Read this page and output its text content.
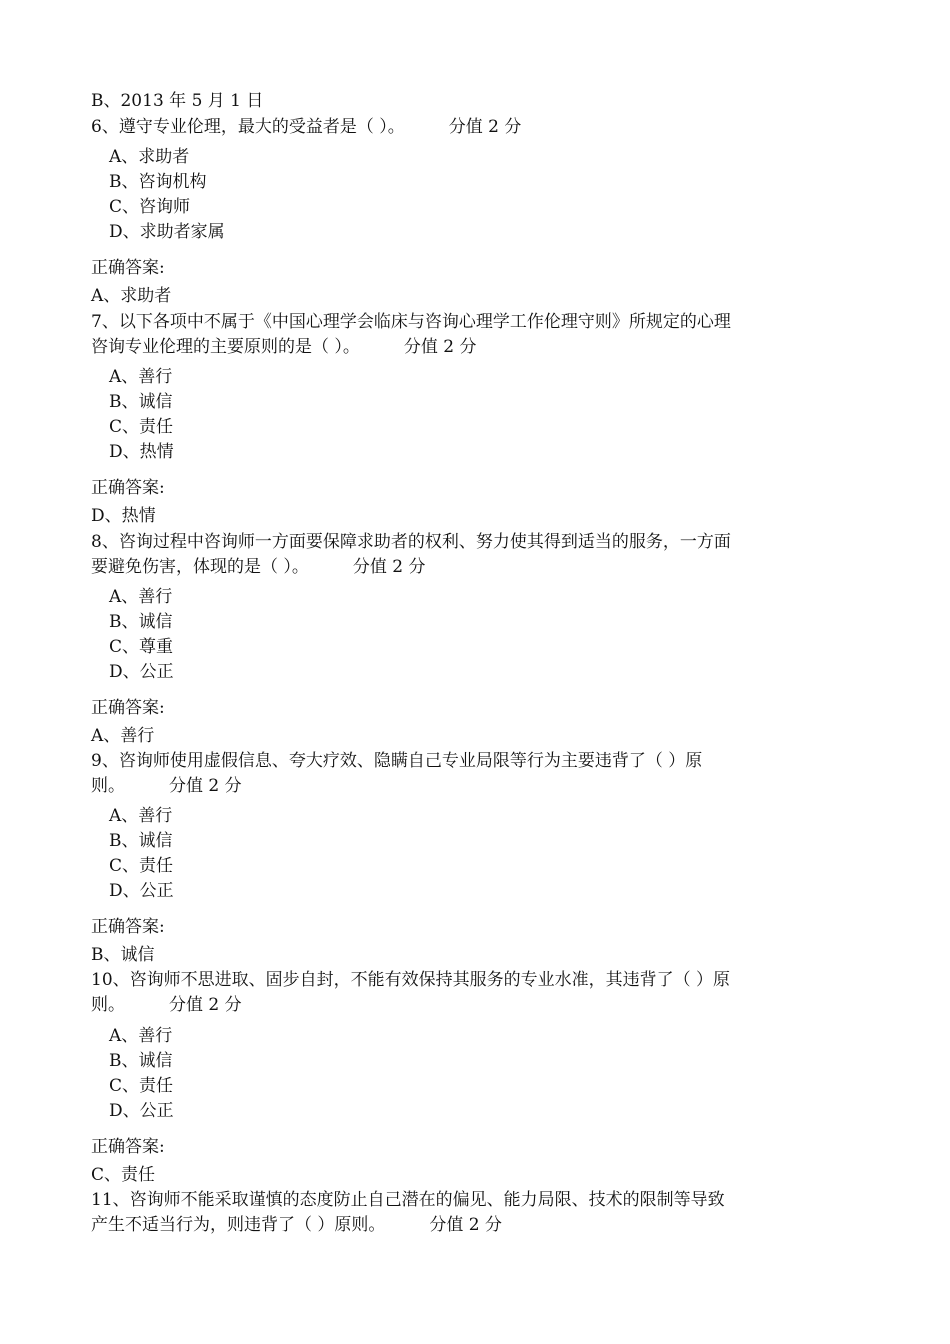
B、2013 年 5 月 1 日
6、遵守专业伦理，最大的受益者是（ ）。	分值 2 分
A、求助者
B、咨询机构
C、咨询师
D、求助者家属
正确答案:
A、求助者
7、以下各项中不属于《中国心理学会临床与咨询心理学工作伦理守则》所规定的心理
咨询专业伦理的主要原则的是（ ）。	分值 2 分
A、善行
B、诚信
C、责任
D、热情
正确答案:
D、热情
8、咨询过程中咨询师一方面要保障求助者的权利、努力使其得到适当的服务，一方面
要避免伤害，体现的是（ ）。	分值 2 分
A、善行
B、诚信
C、尊重
D、公正
正确答案:
A、善行
9、咨询师使用虚假信息、夸大疗效、隐瞒自己专业局限等行为主要违背了（ ）原
则。	分值 2 分
A、善行
B、诚信
C、责任
D、公正
正确答案:
B、诚信
10、咨询师不思进取、固步自封，不能有效保持其服务的专业水准，其违背了（ ）原
则。	分值 2 分
A、善行
B、诚信
C、责任
D、公正
正确答案:
C、责任
11、咨询师不能采取谨慎的态度防止自己潜在的偏见、能力局限、技术的限制等导致
产生不适当行为，则违背了（ ）原则。	分值 2 分
